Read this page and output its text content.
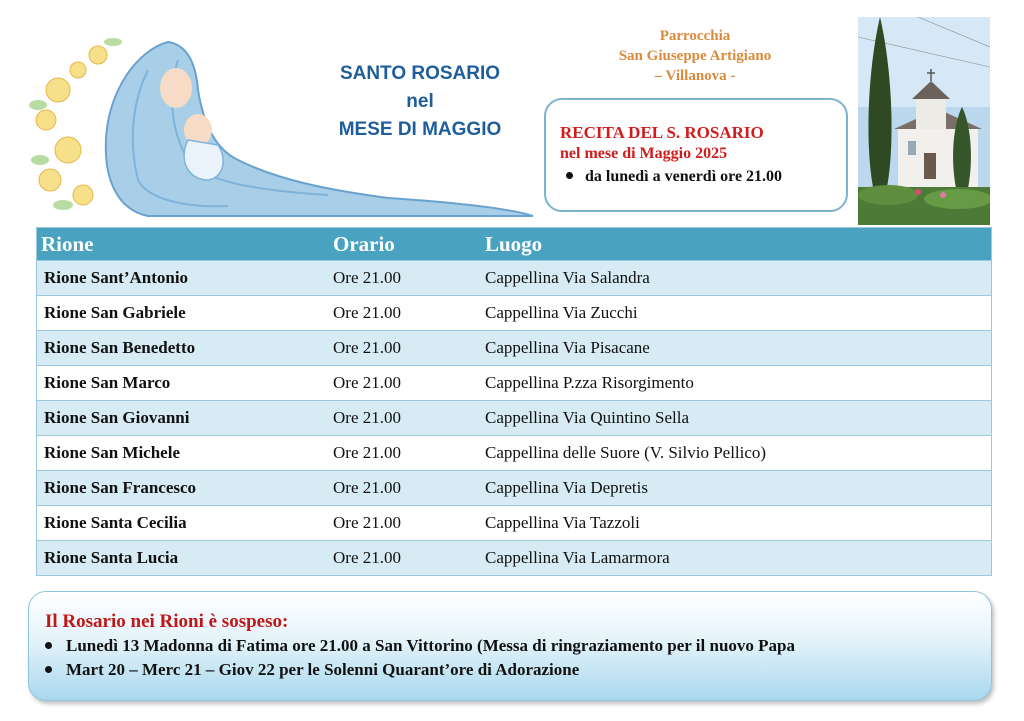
SANTO ROSARIO
nel
MESE DI MAGGIO
Parrocchia
San Giuseppe Artigiano
– Villanova -
RECITA DEL S. ROSARIO
nel mese di Maggio 2025
da lunedì a venerdì ore 21.00
Rione	Orario	Luogo
Rione Sant’Antonio	Ore 21.00	Cappellina Via Salandra
Rione San Gabriele	Ore 21.00	Cappellina Via Zucchi
Rione San Benedetto	Ore 21.00	Cappellina Via Pisacane
Rione San Marco	Ore 21.00	Cappellina P.zza Risorgimento
Rione San Giovanni	Ore 21.00	Cappellina Via Quintino Sella
Rione San Michele	Ore 21.00	Cappellina delle Suore (V. Silvio Pellico)
Rione San Francesco	Ore 21.00	Cappellina Via Depretis
Rione Santa Cecilia	Ore 21.00	Cappellina Via Tazzoli
Rione Santa Lucia	Ore 21.00	Cappellina Via Lamarmora
Il Rosario nei Rioni è sospeso:
Lunedì 13 Madonna di Fatima ore 21.00 a San Vittorino (Messa di ringraziamento per il nuovo Papa
Mart 20 – Merc 21 – Giov 22 per le Solenni Quarant’ore di Adorazione
